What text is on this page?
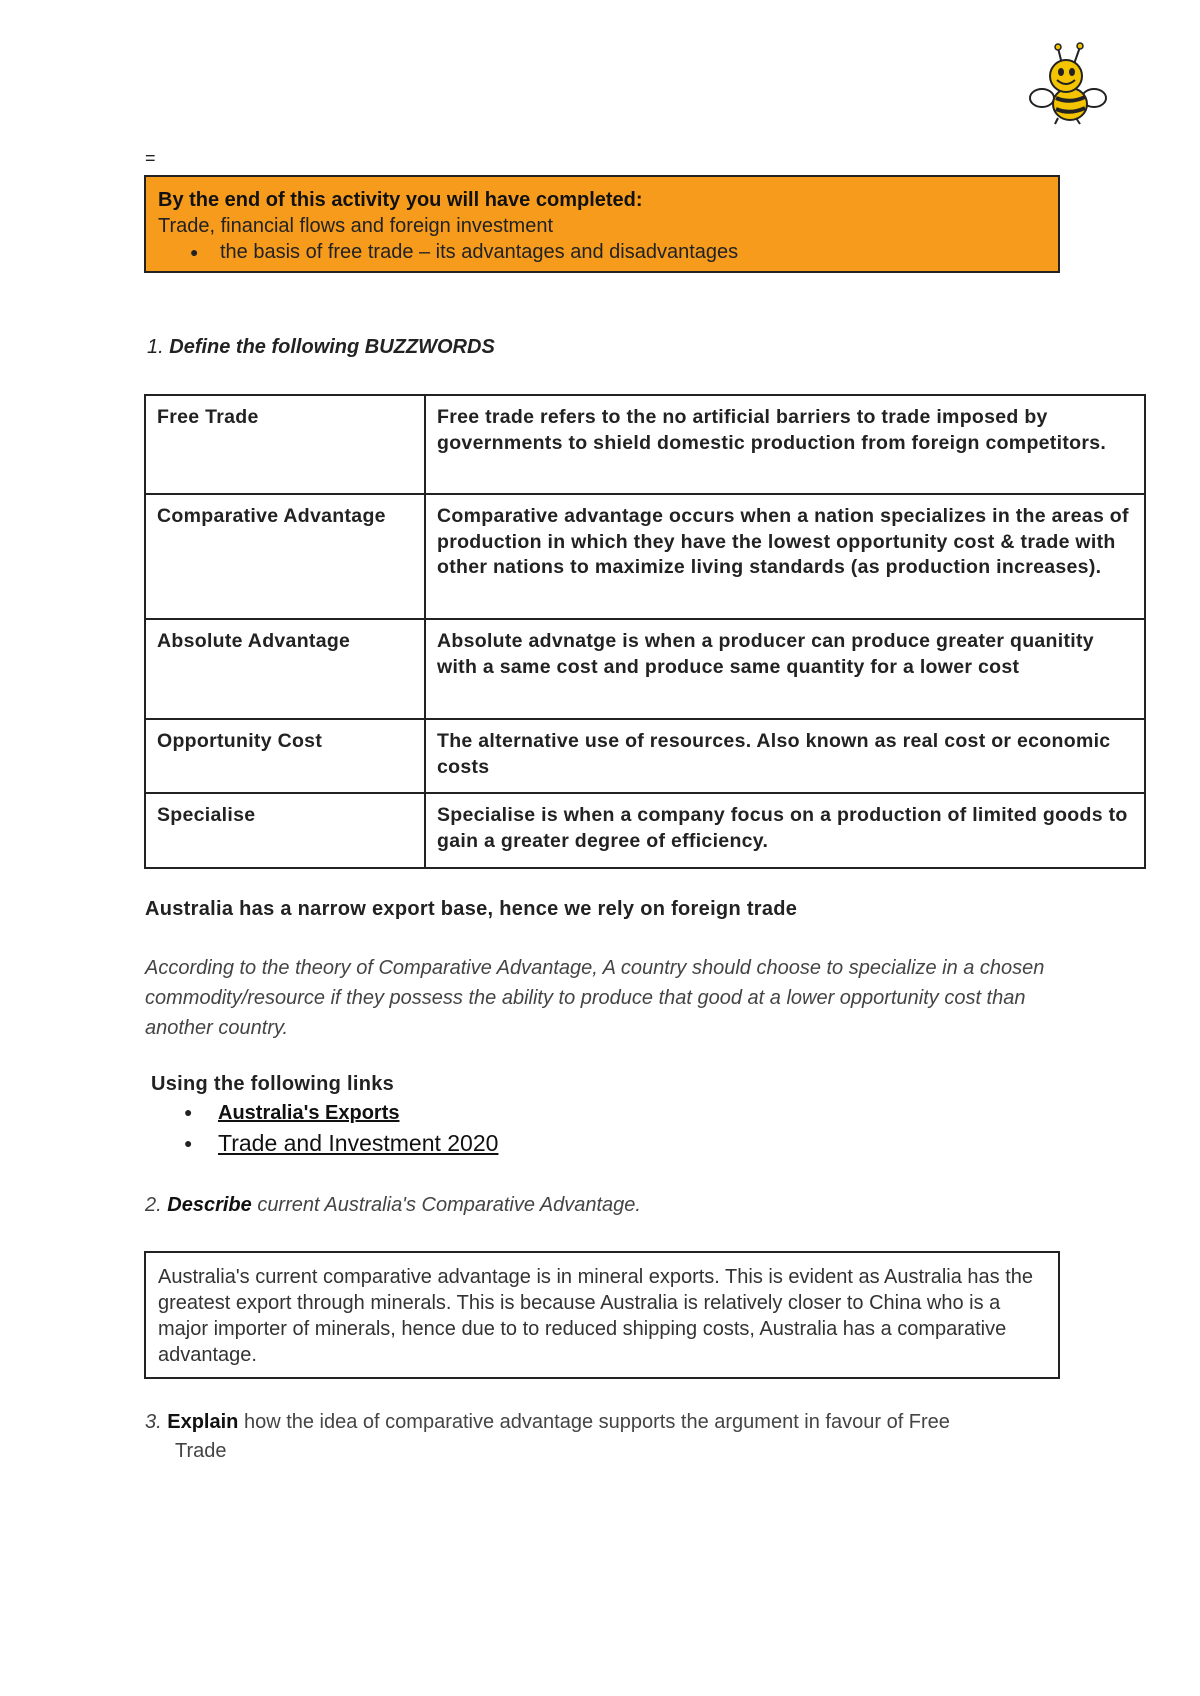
=
By the end of this activity you will have completed:
Trade, financial flows and foreign investment
● the basis of free trade – its advantages and disadvantages
1. Define the following BUZZWORDS
Free Trade	Free trade refers to the no artificial barriers to trade imposed by governments to shield domestic production from foreign competitors.
Comparative Advantage	Comparative advantage occurs when a nation specializes in the areas of production in which they have the lowest opportunity cost & trade with other nations to maximize living standards (as production increases).
Absolute Advantage	Absolute advnatge is when a producer can produce greater quanitity with a same cost and produce same quantity for a lower cost
Opportunity Cost	The alternative use of resources. Also known as real cost or economic costs
Specialise	Specialise is when a company focus on a production of limited goods to gain a greater degree of efficiency.
Australia has a narrow export base, hence we rely on foreign trade
According to the theory of Comparative Advantage, A country should choose to specialize in a chosen commodity/resource if they possess the ability to produce that good at a lower opportunity cost than another country.
Using the following links
● Australia's Exports
● Trade and Investment 2020
2. Describe current Australia's Comparative Advantage.
Australia's current comparative advantage is in mineral exports. This is evident as Australia has the greatest export through minerals. This is because Australia is relatively closer to China who is a major importer of minerals, hence due to to reduced shipping costs, Australia has a comparative advantage.
3. Explain how the idea of comparative advantage supports the argument in favour of Free
Trade
